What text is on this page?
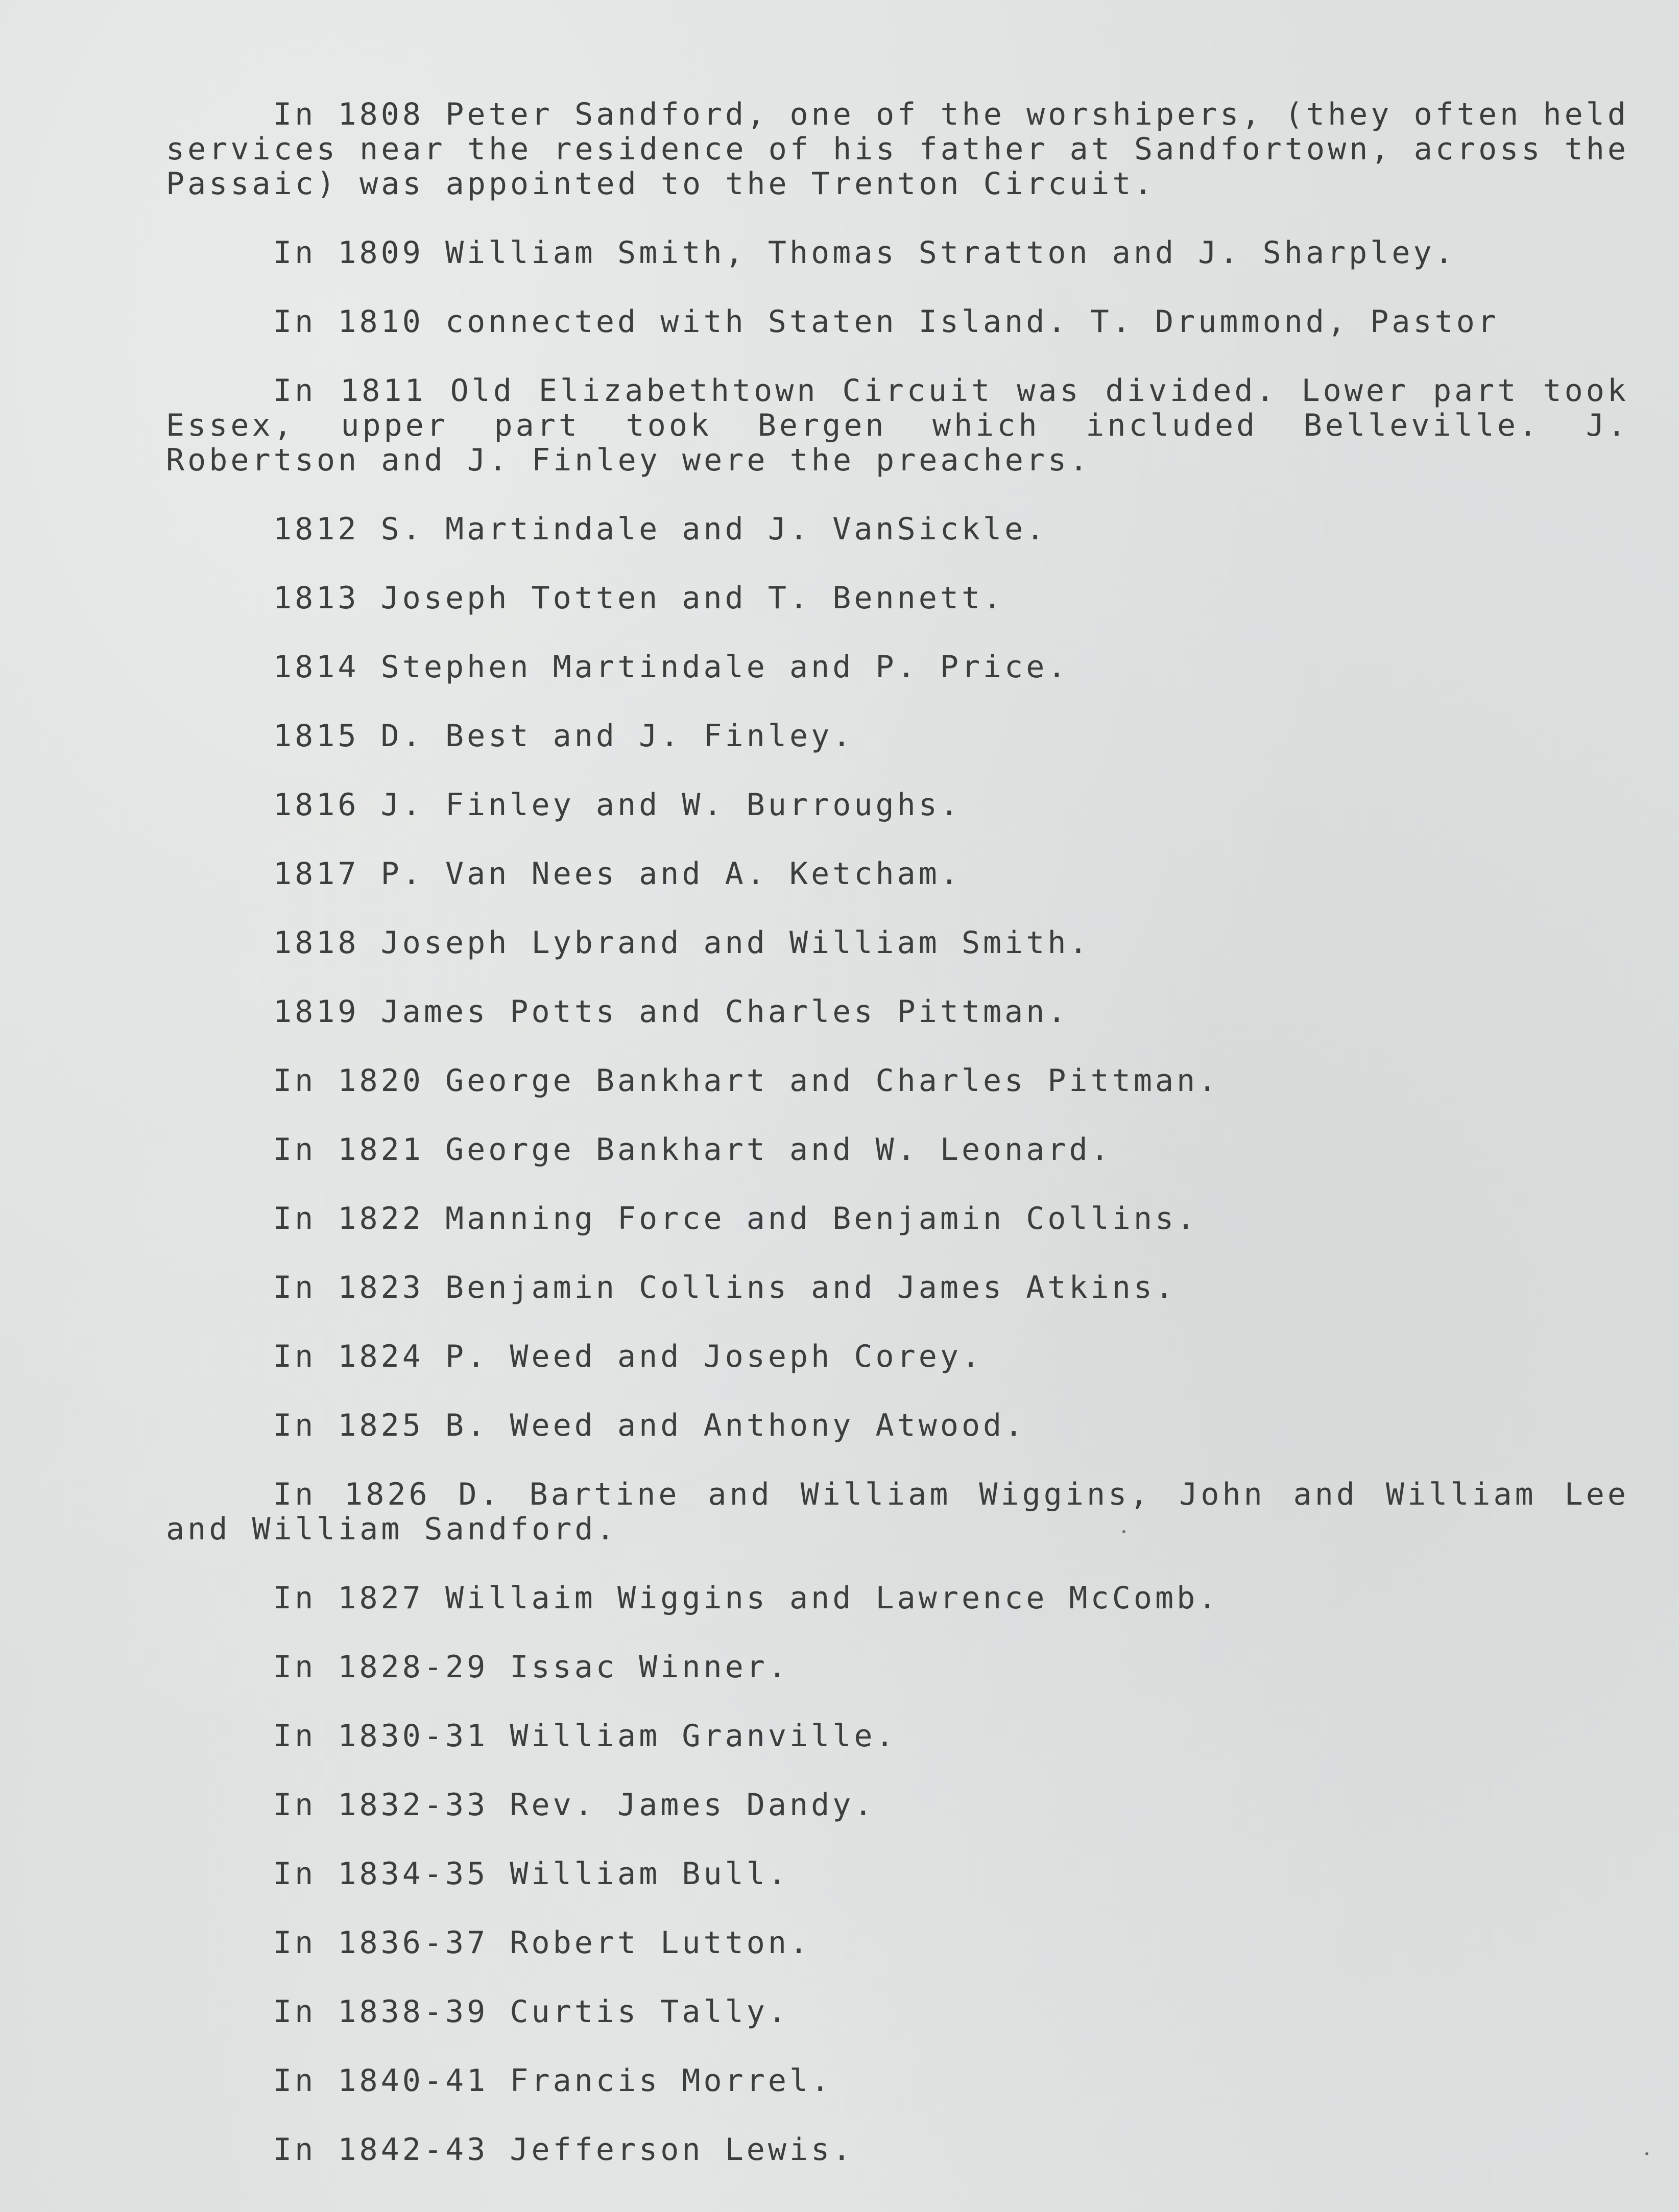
In 1808 Peter Sandford, one of the worshipers, (they often held services near the residence of his father at Sandfortown, across the Passaic) was appointed to the Trenton Circuit.

In 1809 William Smith, Thomas Stratton and J. Sharpley.

In 1810 connected with Staten Island. T. Drummond, Pastor

In 1811 Old Elizabethtown Circuit was divided. Lower part took Essex, upper part took Bergen which included Belleville. J. Robertson and J. Finley were the preachers.

1812 S. Martindale and J. VanSickle.

1813 Joseph Totten and T. Bennett.

1814 Stephen Martindale and P. Price.

1815 D. Best and J. Finley.

1816 J. Finley and W. Burroughs.

1817 P. Van Nees and A. Ketcham.

1818 Joseph Lybrand and William Smith.

1819 James Potts and Charles Pittman.

In 1820 George Bankhart and Charles Pittman.

In 1821 George Bankhart and W. Leonard.

In 1822 Manning Force and Benjamin Collins.

In 1823 Benjamin Collins and James Atkins.

In 1824 P. Weed and Joseph Corey.

In 1825 B. Weed and Anthony Atwood.

In 1826 D. Bartine and William Wiggins, John and William Lee and William Sandford.

In 1827 Willaim Wiggins and Lawrence McComb.

In 1828-29 Issac Winner.

In 1830-31 William Granville.

In 1832-33 Rev. James Dandy.

In 1834-35 William Bull.

In 1836-37 Robert Lutton.

In 1838-39 Curtis Tally.

In 1840-41 Francis Morrel.

In 1842-43 Jefferson Lewis.
